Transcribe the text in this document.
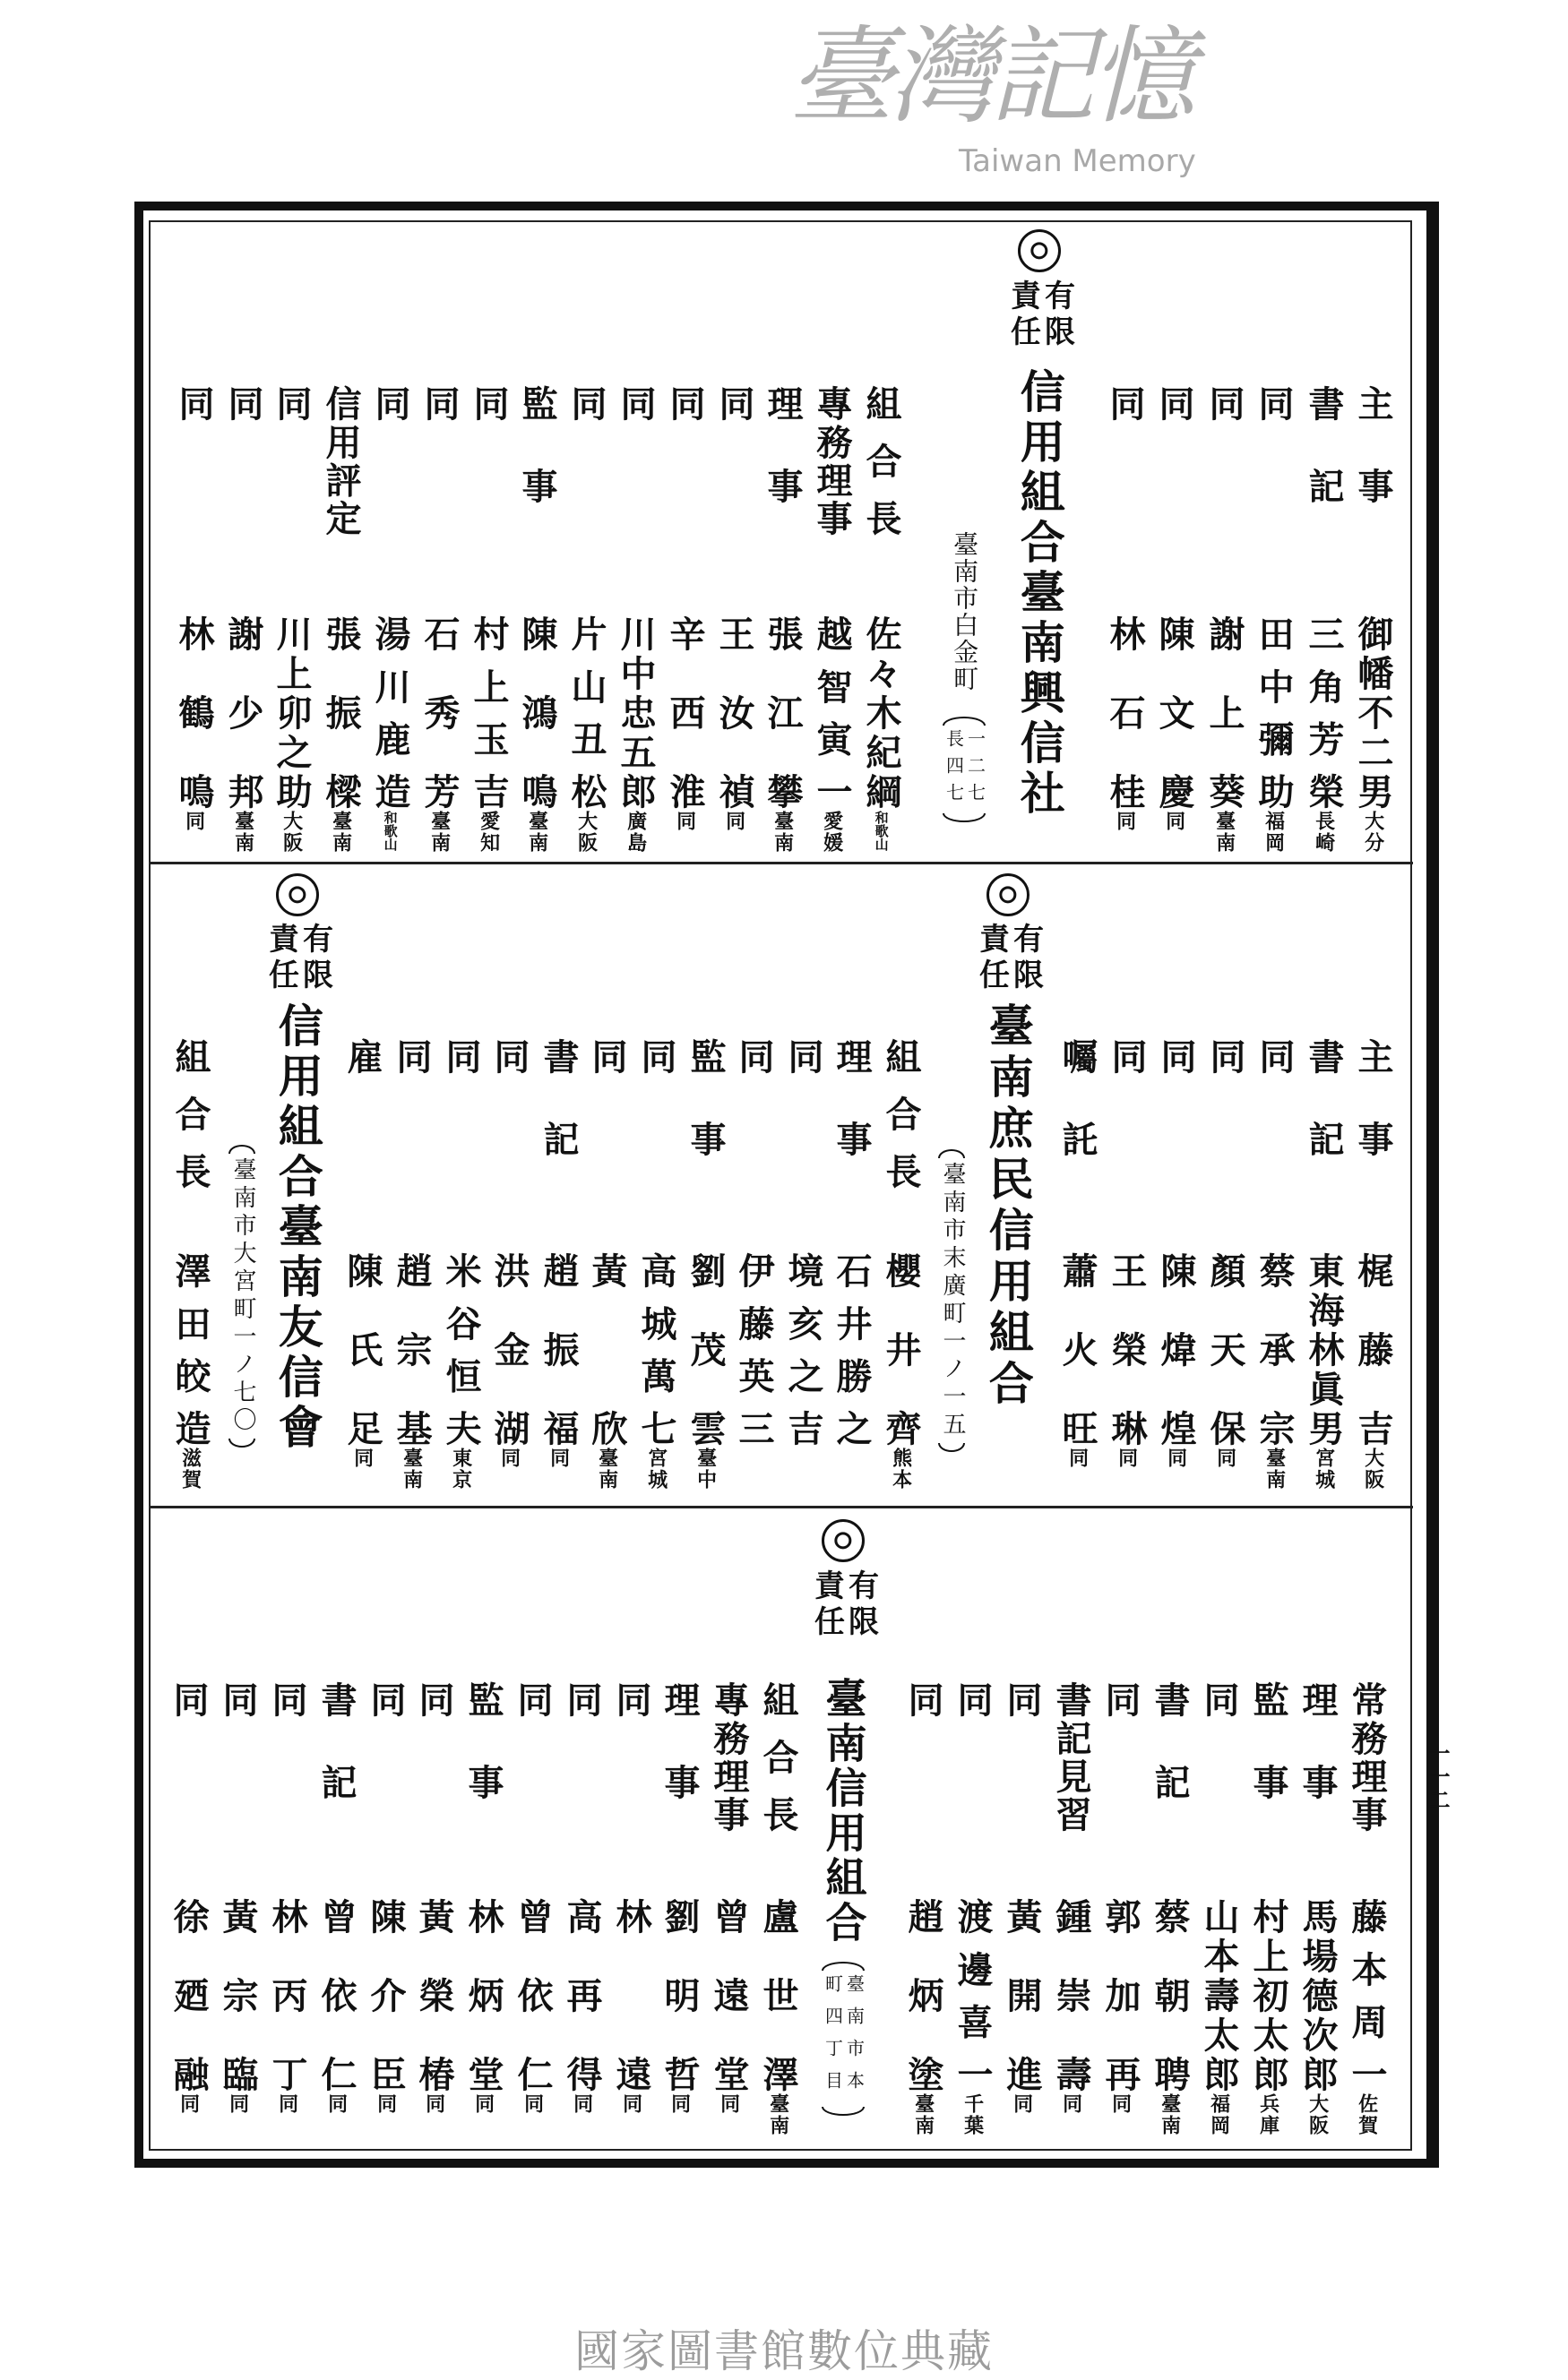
主事
御幡不二男
大分
書記
三角芳榮
長崎
同
田中彌助
福岡
同
謝上葵
臺南
同
陳文慶
同
同
林石桂
同
有限
責任
信用組合臺南興信社
臺南市白金町
一二七
長四七
組合長
佐々木紀綱
和歌山
專務理事
越智寅一
愛媛
理事
張江攀
臺南
同
王汝禎
同
同
辛西淮
同
同
川中忠五郎
廣島
同
片山丑松
大阪
監事
陳鴻鳴
臺南
同
村上玉吉
愛知
同
石秀芳
臺南
同
湯川鹿造
和歌山
信用評定
張振樑
臺南
同
川上卯之助
大阪
同
謝少邦
臺南
同
林鶴鳴
同
主事
梶藤吉
大阪
書記
東海林眞男
宮城
同
蔡承宗
臺南
同
顏天保
同
同
陳煒煌
同
同
王榮琳
同
囑託
蕭火旺
同
有限
責任
臺南庶民信用組合
臺南市末廣町一ノ一五
組合長
櫻井齊
熊本
理事
石井勝之
同
境亥之吉
同
伊藤英三
監事
劉茂雲
臺中
同
高城萬七
宮城
同
黃欣
臺南
書記
趙振福
同
同
洪金湖
同
同
米谷恒夫
東京
同
趙宗基
臺南
雇
陳氏足
同
有限
責任
信用組合臺南友信會
臺南市大宮町一ノ七〇
組合長
澤田皎造
滋賀
常務理事
藤本周一
佐賀
理事
馬場德次郎
大阪
監事
村上初太郎
兵庫
同
山本壽太郎
福岡
書記
蔡朝聘
臺南
同
郭加再
同
書記見習
鍾崇壽
同
同
黃開進
同
同
渡邊喜一
千葉
同
趙炳塗
臺南
有限
責任
臺南信用組合
臺南市本
町四丁目
組合長
盧世澤
臺南
專務理事
曾遠堂
同
理事
劉明哲
同
同
林遠
同
同
高再得
同
同
曾依仁
同
監事
林炳堂
同
同
黃榮椿
同
同
陳介臣
同
書記
曾依仁
同
同
林丙丁
同
同
黃宗臨
同
同
徐廼融
同
臺灣記憶
Taiwan Memory
一一二
國家圖書館數位典藏
